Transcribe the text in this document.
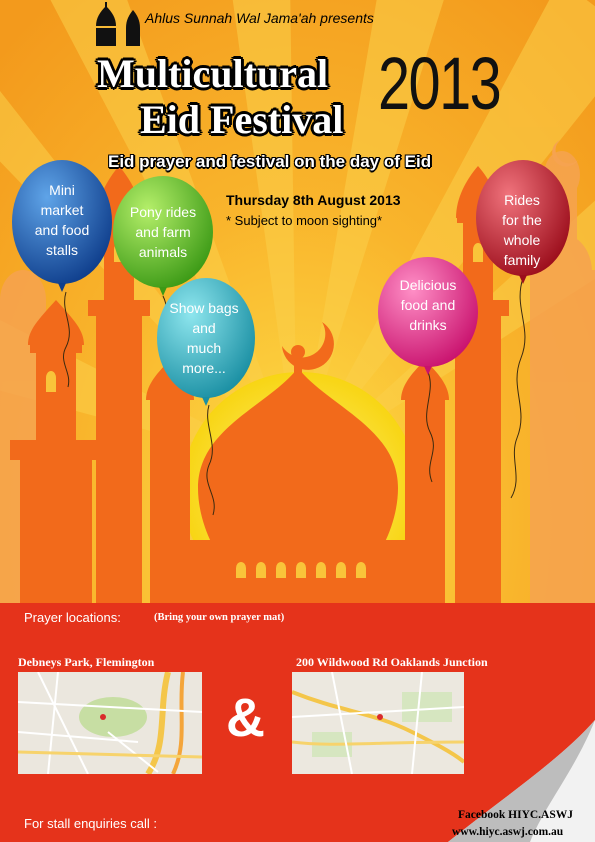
Ahlus Sunnah Wal Jama'ah presents

Multicultural

Eid Festival 2013

Eid prayer and festival on the day of Eid

Thursday 8th August 2013

* Subject to moon sighting*

Mini
market
and food
stalls
Pony rides
and farm
animals
Show bags
and
much
more...
Delicious
food and
drinks
Rides
for the
whole
family

Prayer locations:	(Bring your own prayer mat)

Debneys Park, Flemington	200 Wildwood Rd Oaklands Junction

&

For stall enquiries call :

Facebook HIYC.ASWJ

www.hiyc.aswj.com.au
